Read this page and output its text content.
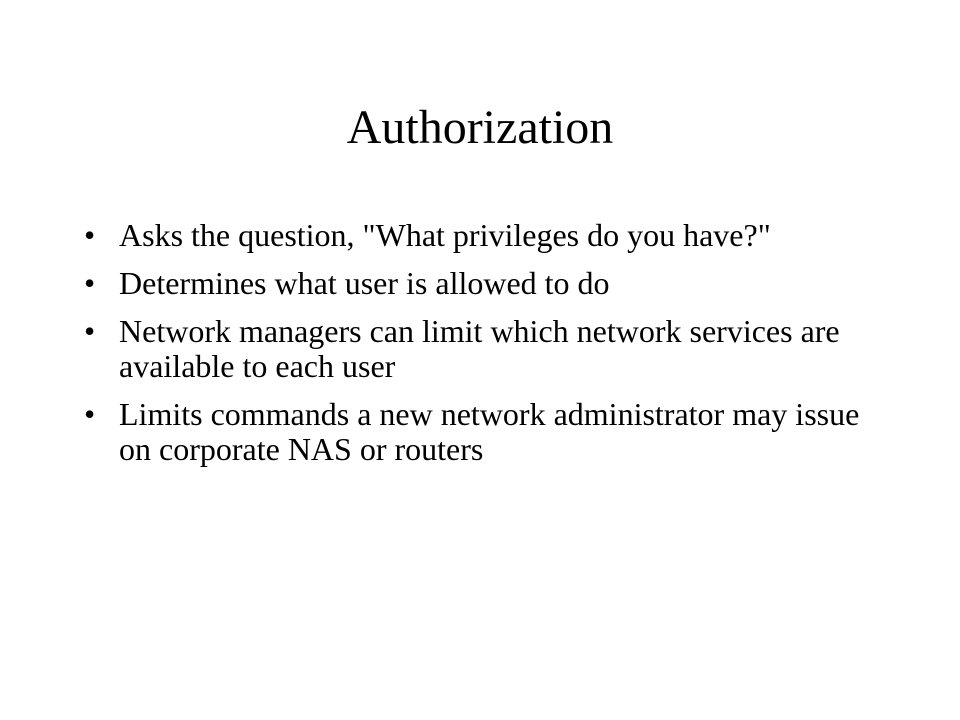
Authorization
• Asks the question, "What privileges do you have?"
• Determines what user is allowed to do
• Network managers can limit which network services are available to each user
• Limits commands a new network administrator may issue on corporate NAS or routers
